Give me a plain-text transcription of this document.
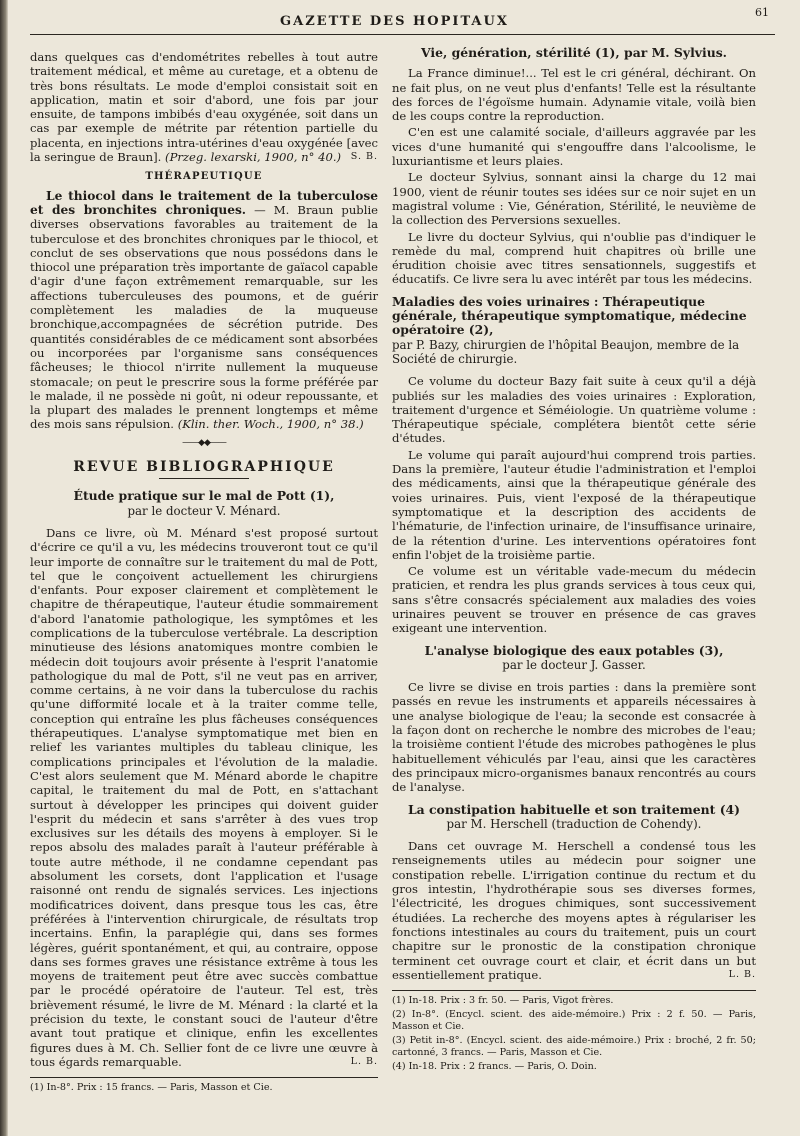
GAZETTE DES HOPITAUX
61

dans quelques cas d'endométrites rebelles à tout autre traitement médical, et même au curetage, et a obtenu de très bons résultats. Le mode d'emploi consistait soit en application, matin et soir d'abord, une fois par jour ensuite, de tampons imbibés d'eau oxygénée, soit dans un cas par exemple de métrite par rétention partielle du placenta, en injections intra-utérines d'eau oxygénée [avec la seringue de Braun]. (Przeg. lexarski, 1900, n° 40.) S. B.

THÉRAPEUTIQUE

Le thiocol dans le traitement de la tuberculose et des bronchites chroniques. — M. Braun publie diverses observations favorables au traitement de la tuberculose et des bronchites chroniques par le thiocol, et conclut de ses observations que nous possédons dans le thiocol une préparation très importante de gaïacol capable d'agir d'une façon extrêmement remarquable, sur les affections tuberculeuses des poumons, et de guérir complètement les maladies de la muqueuse bronchique,accompagnées de sécrétion putride. Des quantités considérables de ce médicament sont absorbées ou incorporées par l'organisme sans conséquences fâcheuses; le thiocol n'irrite nullement la muqueuse stomacale; on peut le prescrire sous la forme préférée par le malade, il ne possède ni goût, ni odeur repoussante, et la plupart des malades le prennent longtemps et même des mois sans répulsion. (Klin. ther. Woch., 1900, n° 38.)

——◆◆——
REVUE BIBLIOGRAPHIQUE
Étude pratique sur le mal de Pott (1),
par le docteur V. Ménard.

Dans ce livre, où M. Ménard s'est proposé surtout d'écrire ce qu'il a vu, les médecins trouveront tout ce qu'il leur importe de connaître sur le traitement du mal de Pott, tel que le conçoivent actuellement les chirurgiens d'enfants. Pour exposer clairement et complètement le chapitre de thérapeutique, l'auteur étudie sommairement d'abord l'anatomie pathologique, les symptômes et les complications de la tuberculose vertébrale. La description minutieuse des lésions anatomiques montre combien le médecin doit toujours avoir présente à l'esprit l'anatomie pathologique du mal de Pott, s'il ne veut pas en arriver, comme certains, à ne voir dans la tuberculose du rachis qu'une difformité locale et à la traiter comme telle, conception qui entraîne les plus fâcheuses conséquences thérapeutiques. L'analyse symptomatique met bien en relief les variantes multiples du tableau clinique, les complications principales et l'évolution de la maladie. C'est alors seulement que M. Ménard aborde le chapitre capital, le traitement du mal de Pott, en s'attachant surtout à développer les principes qui doivent guider l'esprit du médecin et sans s'arrêter à des vues trop exclusives sur les détails des moyens à employer. Si le repos absolu des malades paraît à l'auteur préférable à toute autre méthode, il ne condamne cependant pas absolument les corsets, dont l'application et l'usage raisonné ont rendu de signalés services. Les injections modificatrices doivent, dans presque tous les cas, être préférées à l'intervention chirurgicale, de résultats trop incertains. Enfin, la paraplégie qui, dans ses formes légères, guérit spontanément, et qui, au contraire, oppose dans ses formes graves une résistance extrême à tous les moyens de traitement peut être avec succès combattue par le procédé opératoire de l'auteur. Tel est, très brièvement résumé, le livre de M. Ménard : la clarté et la précision du texte, le constant souci de l'auteur d'être avant tout pratique et clinique, enfin les excellentes figures dues à M. Ch. Sellier font de ce livre une œuvre à tous égards remarquable.	L. B.

(1) In-8°. Prix : 15 francs. — Paris, Masson et Cie.
Vie, génération, stérilité (1), par M. Sylvius.

La France diminue!... Tel est le cri général, déchirant. On ne fait plus, on ne veut plus d'enfants! Telle est la résultante des forces de l'égoïsme humain. Adynamie vitale, voilà bien de les coups contre la reproduction.

C'en est une calamité sociale, d'ailleurs aggravée par les vices d'une humanité qui s'engouffre dans l'alcoolisme, le luxuriantisme et leurs plaies.

Le docteur Sylvius, sonnant ainsi la charge du 12 mai 1900, vient de réunir toutes ses idées sur ce noir sujet en un magistral volume : Vie, Génération, Stérilité, le neuvième de la collection des Perversions sexuelles.

Le livre du docteur Sylvius, qui n'oublie pas d'indiquer le remède du mal, comprend huit chapitres où brille une érudition choisie avec titres sensationnels, suggestifs et éducatifs. Ce livre sera lu avec intérêt par tous les médecins.

Maladies des voies urinaires : Thérapeutique générale, thérapeutique symptomatique, médecine opératoire (2),
par P. Bazy, chirurgien de l'hôpital Beaujon, membre de la Société de chirurgie.

Ce volume du docteur Bazy fait suite à ceux qu'il a déjà publiés sur les maladies des voies urinaires : Exploration, traitement d'urgence et Séméiologie. Un quatrième volume : Thérapeutique spéciale, complétera bientôt cette série d'études.

Le volume qui paraît aujourd'hui comprend trois parties. Dans la première, l'auteur étudie l'administration et l'emploi des médicaments, ainsi que la thérapeutique générale des voies urinaires. Puis, vient l'exposé de la thérapeutique symptomatique et la description des accidents de l'hématurie, de l'infection urinaire, de l'insuffisance urinaire, de la rétention d'urine. Les interventions opératoires font enfin l'objet de la troisième partie.

Ce volume est un véritable vade-mecum du médecin praticien, et rendra les plus grands services à tous ceux qui, sans s'être consacrés spécialement aux maladies des voies urinaires peuvent se trouver en présence de cas graves exigeant une intervention.

L'analyse biologique des eaux potables (3),
par le docteur J. Gasser.

Ce livre se divise en trois parties : dans la première sont passés en revue les instruments et appareils nécessaires à une analyse biologique de l'eau; la seconde est consacrée à la façon dont on recherche le nombre des microbes de l'eau; la troisième contient l'étude des microbes pathogènes le plus habituellement véhiculés par l'eau, ainsi que les caractères des principaux micro-organismes banaux rencontrés au cours de l'analyse.

La constipation habituelle et son traitement (4)
par M. Herschell (traduction de Cohendy).

Dans cet ouvrage M. Herschell a condensé tous les renseignements utiles au médecin pour soigner une constipation rebelle. L'irrigation continue du rectum et du gros intestin, l'hydrothérapie sous ses diverses formes, l'électricité, les drogues chimiques, sont successivement étudiées. La recherche des moyens aptes à régulariser les fonctions intestinales au cours du traitement, puis un court chapitre sur le pronostic de la constipation chronique terminent cet ouvrage court et clair, et écrit dans un but essentiellement pratique.	L. B.

(1) In-18. Prix : 3 fr. 50. — Paris, Vigot frères.
(2) In-8°. (Encycl. scient. des aide-mémoire.) Prix : 2 f. 50. — Paris, Masson et Cie.
(3) Petit in-8°. (Encycl. scient. des aide-mémoire.) Prix : broché, 2 fr. 50; cartonné, 3 francs. — Paris, Masson et Cie.
(4) In-18. Prix : 2 francs. — Paris, O. Doin.
